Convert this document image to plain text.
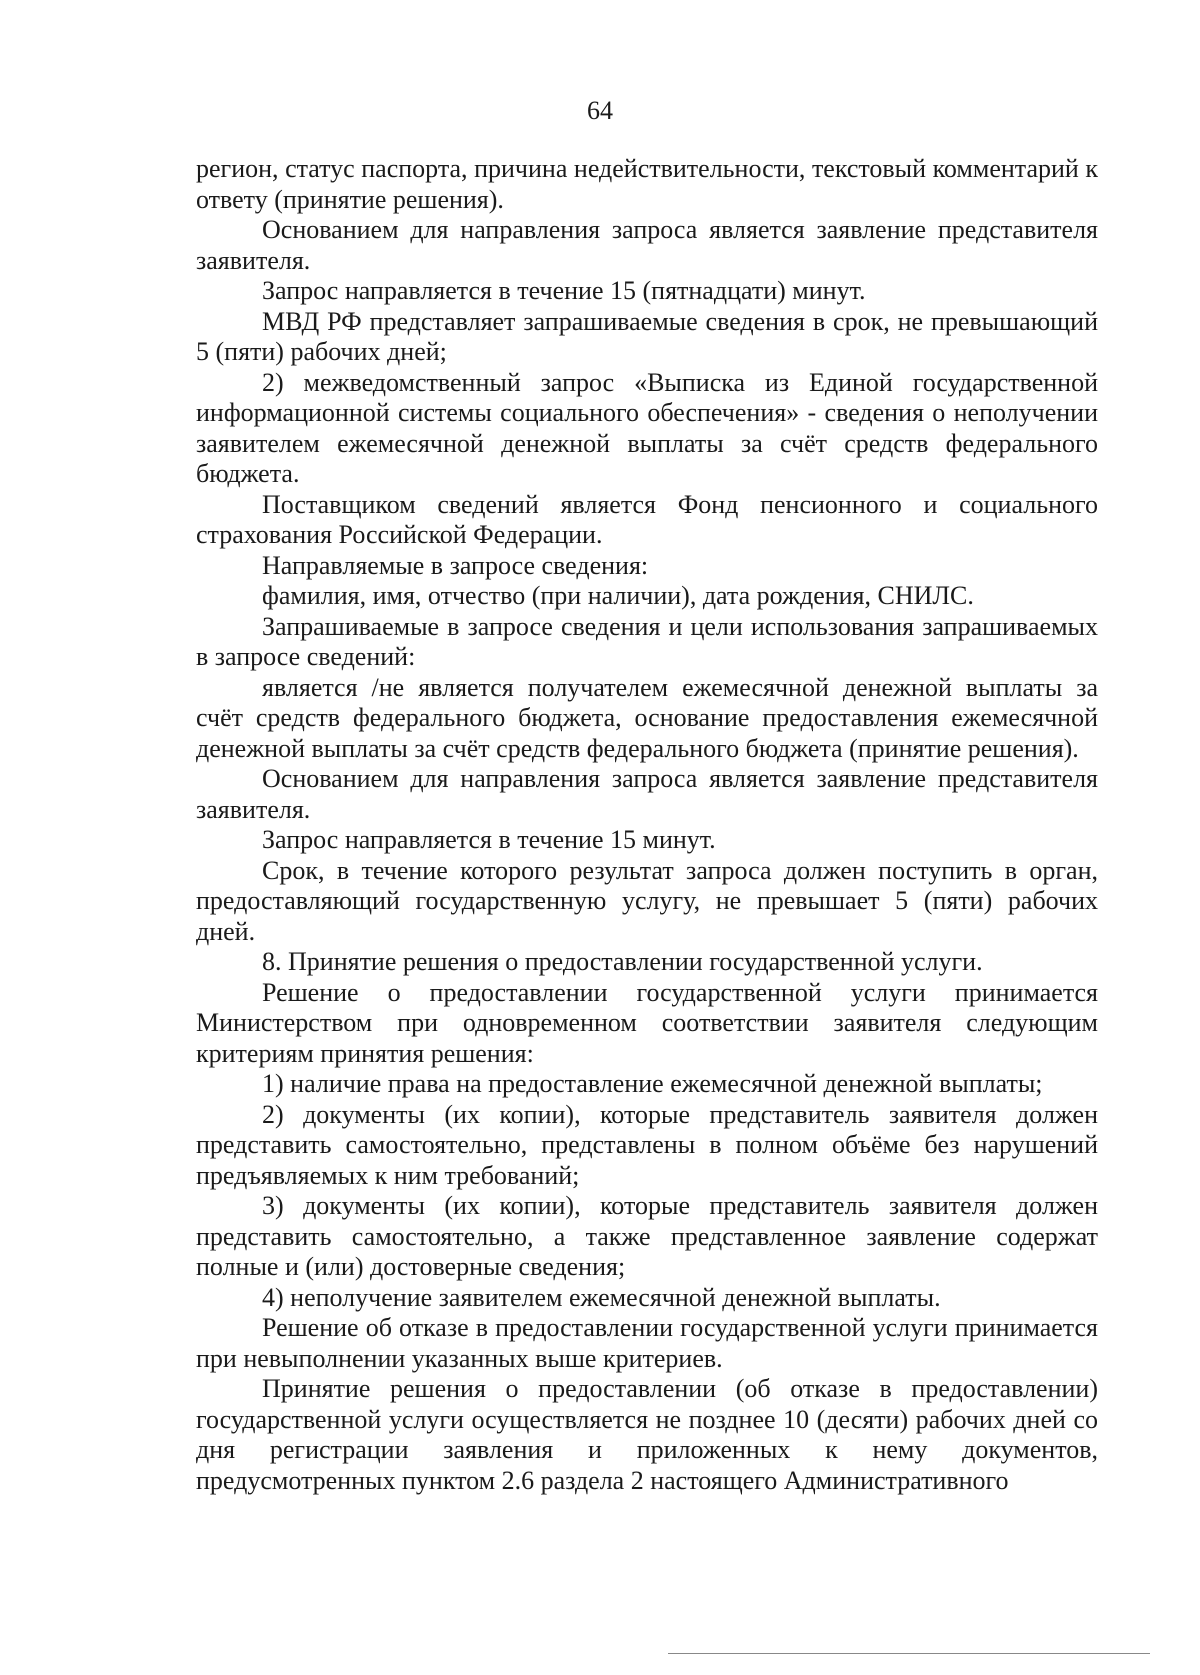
64

регион, статус паспорта, причина недействительности, текстовый комментарий к ответу (принятие решения).

Основанием для направления запроса является заявление представителя заявителя.

Запрос направляется в течение 15 (пятнадцати) минут.

МВД РФ представляет запрашиваемые сведения в срок, не превышающий 5 (пяти) рабочих дней;

2) межведомственный запрос «Выписка из Единой государственной информационной системы социального обеспечения» - сведения о неполучении заявителем ежемесячной денежной выплаты за счёт средств федерального бюджета.

Поставщиком сведений является Фонд пенсионного и социального страхования Российской Федерации.

Направляемые в запросе сведения:

фамилия, имя, отчество (при наличии), дата рождения, СНИЛС.

Запрашиваемые в запросе сведения и цели использования запрашиваемых в запросе сведений:

является /не является получателем ежемесячной денежной выплаты за счёт средств федерального бюджета, основание предоставления ежемесячной денежной выплаты за счёт средств федерального бюджета (принятие решения).

Основанием для направления запроса является заявление представителя заявителя.

Запрос направляется в течение 15 минут.

Срок, в течение которого результат запроса должен поступить в орган, предоставляющий государственную услугу, не превышает 5 (пяти) рабочих дней.

8. Принятие решения о предоставлении государственной услуги.

Решение о предоставлении государственной услуги принимается Министерством при одновременном соответствии заявителя следующим критериям принятия решения:

1) наличие права на предоставление ежемесячной денежной выплаты;

2) документы (их копии), которые представитель заявителя должен представить самостоятельно, представлены в полном объёме без нарушений предъявляемых к ним требований;

3) документы (их копии), которые представитель заявителя должен представить самостоятельно, а также представленное заявление содержат полные и (или) достоверные сведения;

4) неполучение заявителем ежемесячной денежной выплаты.

Решение об отказе в предоставлении государственной услуги принимается при невыполнении указанных выше критериев.

Принятие решения о предоставлении (об отказе в предоставлении) государственной услуги осуществляется не позднее 10 (десяти) рабочих дней со дня регистрации заявления и приложенных к нему документов, предусмотренных пунктом 2.6 раздела 2 настоящего Административного
